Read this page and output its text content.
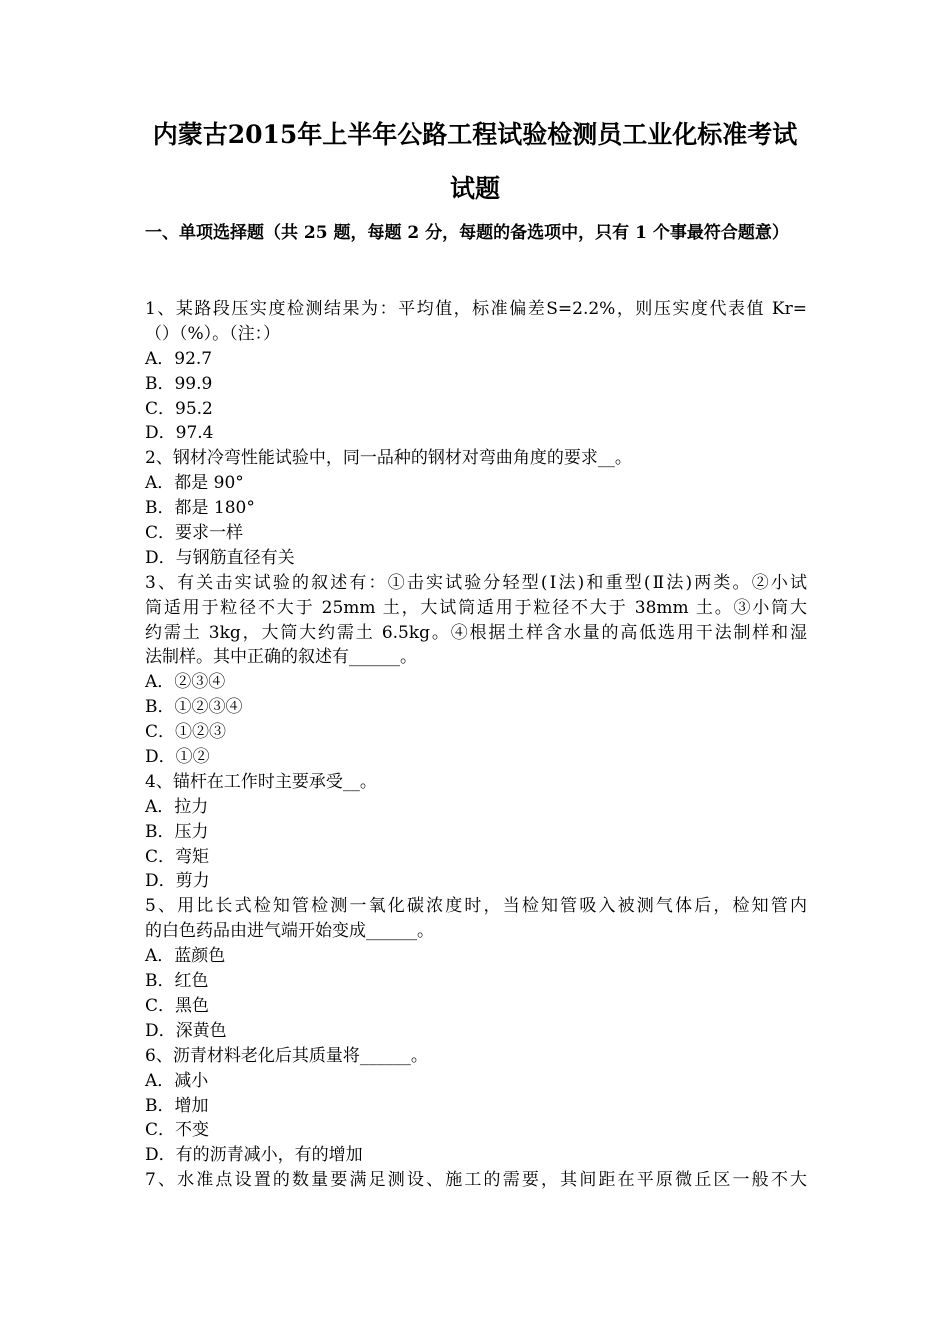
内蒙古2015年上半年公路工程试验检测员工业化标准考试
试题
一、单项选择题（共 25 题，每题 2 分，每题的备选项中，只有 1 个事最符合题意）
1、某路段压实度检测结果为：平均值，标准偏差S=2.2%，则压实度代表值 Kr=
（）（%）。（注：）
A．92.7
B．99.9
C．95.2
D．97.4
2、钢材冷弯性能试验中，同一品种的钢材对弯曲角度的要求__。
A．都是 90°
B．都是 180°
C．要求一样
D．与钢筋直径有关
3、有关击实试验的叙述有：①击实试验分轻型(Ⅰ法)和重型(Ⅱ法)两类。②小试
筒适用于粒径不大于 25mm 土，大试筒适用于粒径不大于 38mm 土。③小筒大
约需土 3kg，大筒大约需土 6.5kg。④根据土样含水量的高低选用干法制样和湿
法制样。其中正确的叙述有______。
A．②③④
B．①②③④
C．①②③
D．①②
4、锚杆在工作时主要承受__。
A．拉力
B．压力
C．弯矩
D．剪力
5、用比长式检知管检测一氧化碳浓度时，当检知管吸入被测气体后，检知管内
的白色药品由进气端开始变成______。
A．蓝颜色
B．红色
C．黑色
D．深黄色
6、沥青材料老化后其质量将______。
A．减小
B．增加
C．不变
D．有的沥青减小，有的增加
7、水准点设置的数量要满足测设、施工的需要，其间距在平原微丘区一般不大
